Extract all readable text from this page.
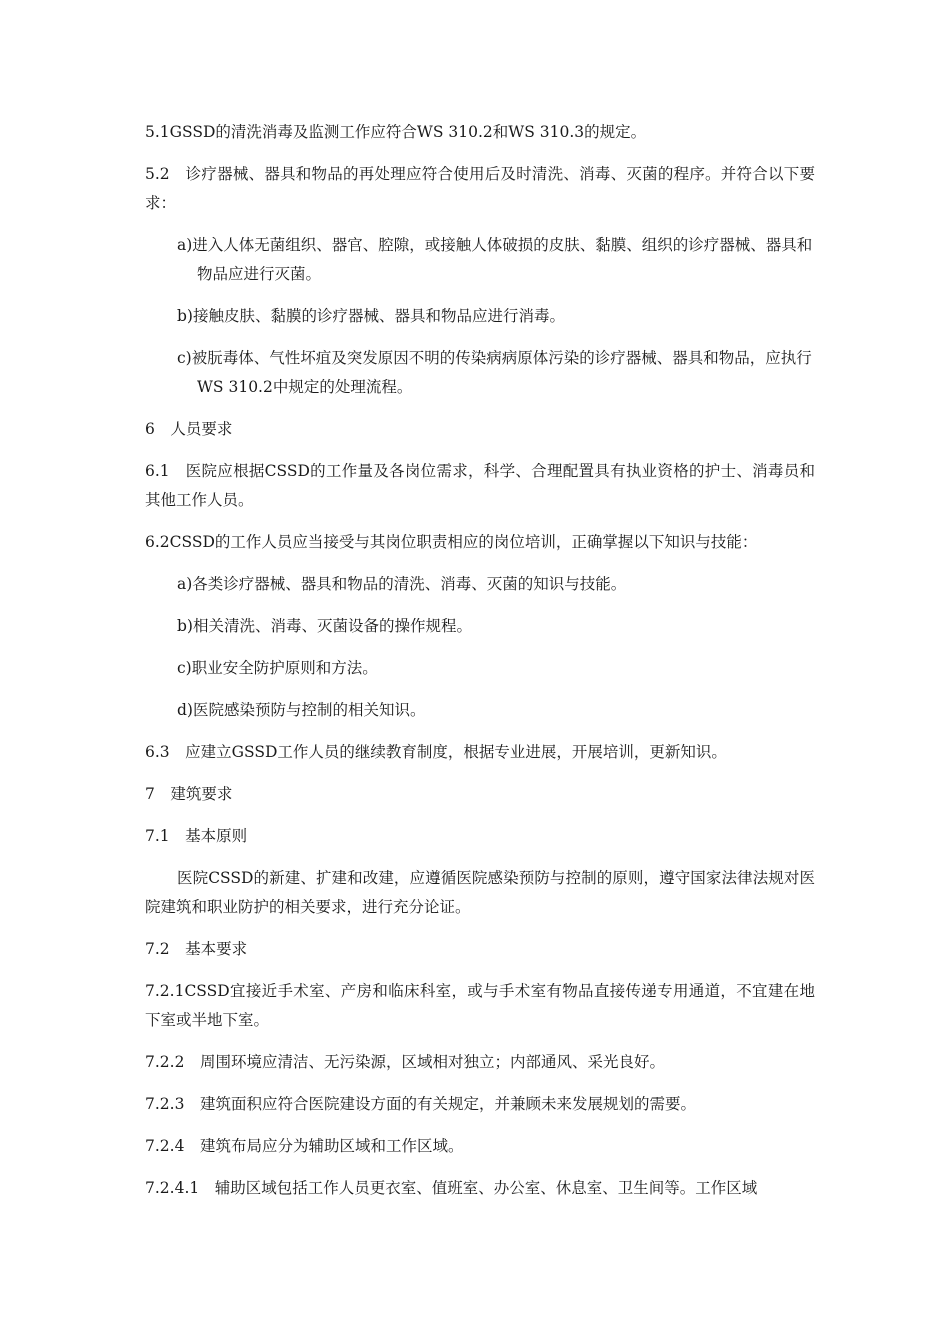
5.1GSSD的清洗消毒及监测工作应符合WS 310.2和WS 310.3的规定。

5.2　诊疗器械、器具和物品的再处理应符合使用后及时清洗、消毒、灭菌的程序。并符合以下要求：

a)进入人体无菌组织、器官、腔隙，或接触人体破损的皮肤、黏膜、组织的诊疗器械、器具和物品应进行灭菌。

b)接触皮肤、黏膜的诊疗器械、器具和物品应进行消毒。

c)被朊毒体、气性坏疽及突发原因不明的传染病病原体污染的诊疗器械、器具和物品，应执行WS 310.2中规定的处理流程。

6　人员要求

6.1　医院应根据CSSD的工作量及各岗位需求，科学、合理配置具有执业资格的护士、消毒员和其他工作人员。

6.2CSSD的工作人员应当接受与其岗位职责相应的岗位培训，正确掌握以下知识与技能：

a)各类诊疗器械、器具和物品的清洗、消毒、灭菌的知识与技能。

b)相关清洗、消毒、灭菌设备的操作规程。

c)职业安全防护原则和方法。

d)医院感染预防与控制的相关知识。

6.3　应建立GSSD工作人员的继续教育制度，根据专业进展，开展培训，更新知识。

7　建筑要求

7.1　基本原则

医院CSSD的新建、扩建和改建，应遵循医院感染预防与控制的原则，遵守国家法律法规对医院建筑和职业防护的相关要求，进行充分论证。

7.2　基本要求

7.2.1CSSD宜接近手术室、产房和临床科室，或与手术室有物品直接传递专用通道，不宜建在地下室或半地下室。

7.2.2　周围环境应清洁、无污染源，区域相对独立；内部通风、采光良好。

7.2.3　建筑面积应符合医院建设方面的有关规定，并兼顾未来发展规划的需要。

7.2.4　建筑布局应分为辅助区域和工作区域。

7.2.4.1　辅助区域包括工作人员更衣室、值班室、办公室、休息室、卫生间等。工作区域
